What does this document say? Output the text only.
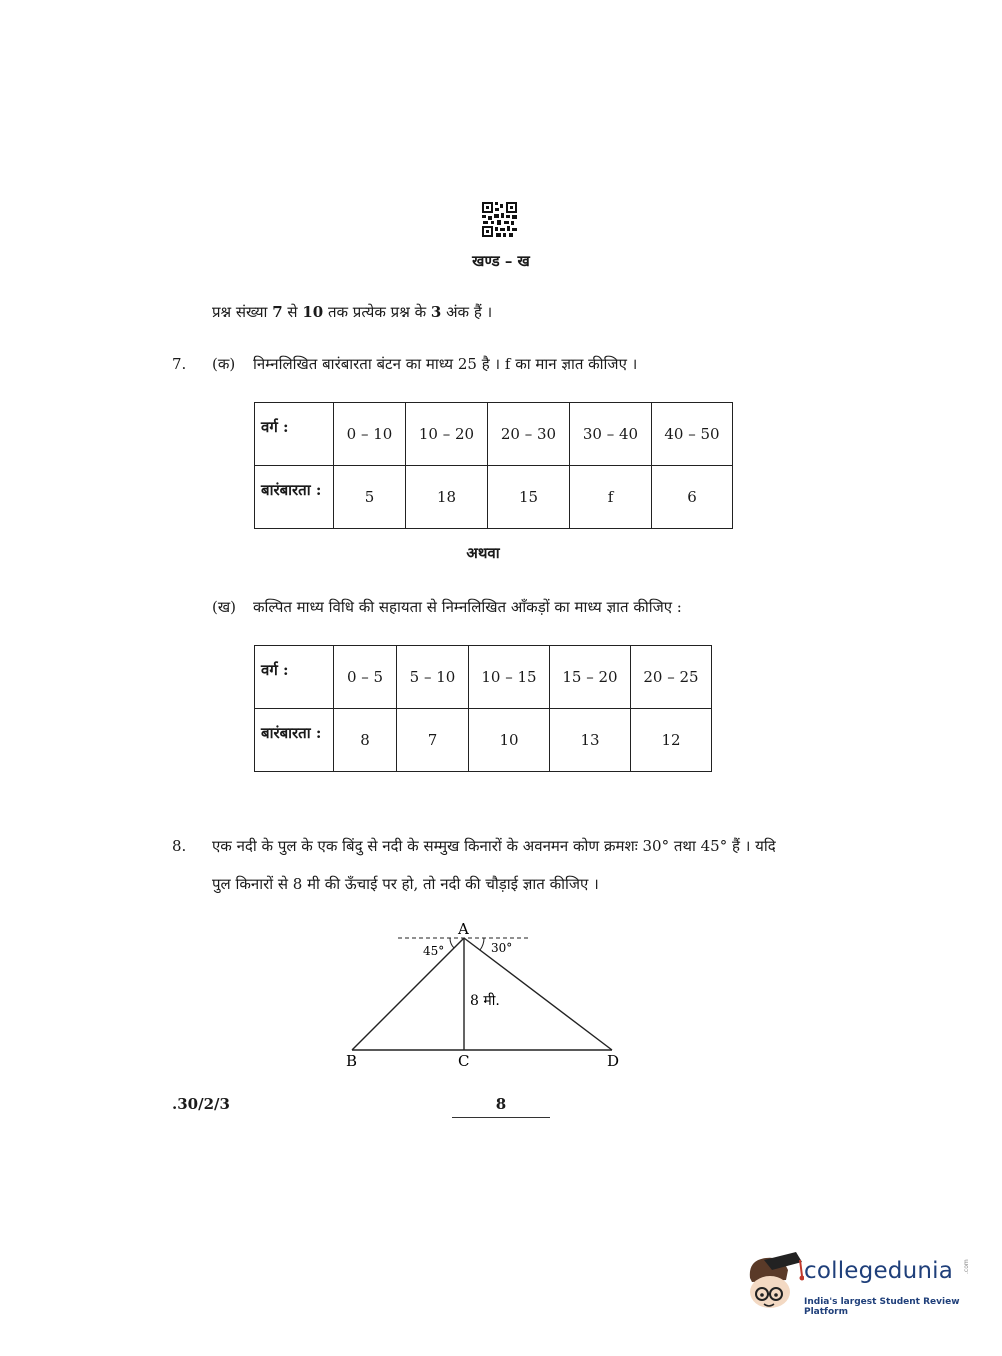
खण्ड – ख
प्रश्न संख्या 7 से 10 तक प्रत्येक प्रश्न के 3 अंक हैं ।
7. (क) निम्नलिखित बारंबारता बंटन का माध्य 25 है । f का मान ज्ञात कीजिए ।
वर्ग :	0 – 10	10 – 20	20 – 30	30 – 40	40 – 50
बारंबारता :	5	18	15	f	6
अथवा
(ख) कल्पित माध्य विधि की सहायता से निम्नलिखित आँकड़ों का माध्य ज्ञात कीजिए :
वर्ग :	0 – 5	5 – 10	10 – 15	15 – 20	20 – 25
बारंबारता :	8	7	10	13	12
8. एक नदी के पुल के एक बिंदु से नदी के सम्मुख किनारों के अवनमन कोण क्रमशः 30° तथा 45° हैं । यदि
पुल किनारों से 8 मी की ऊँचाई पर हो, तो नदी की चौड़ाई ज्ञात कीजिए ।
A
B	C	D
45°	30°
8 मी.
.30/2/3	8
collegedunia .com
India's largest Student Review Platform
